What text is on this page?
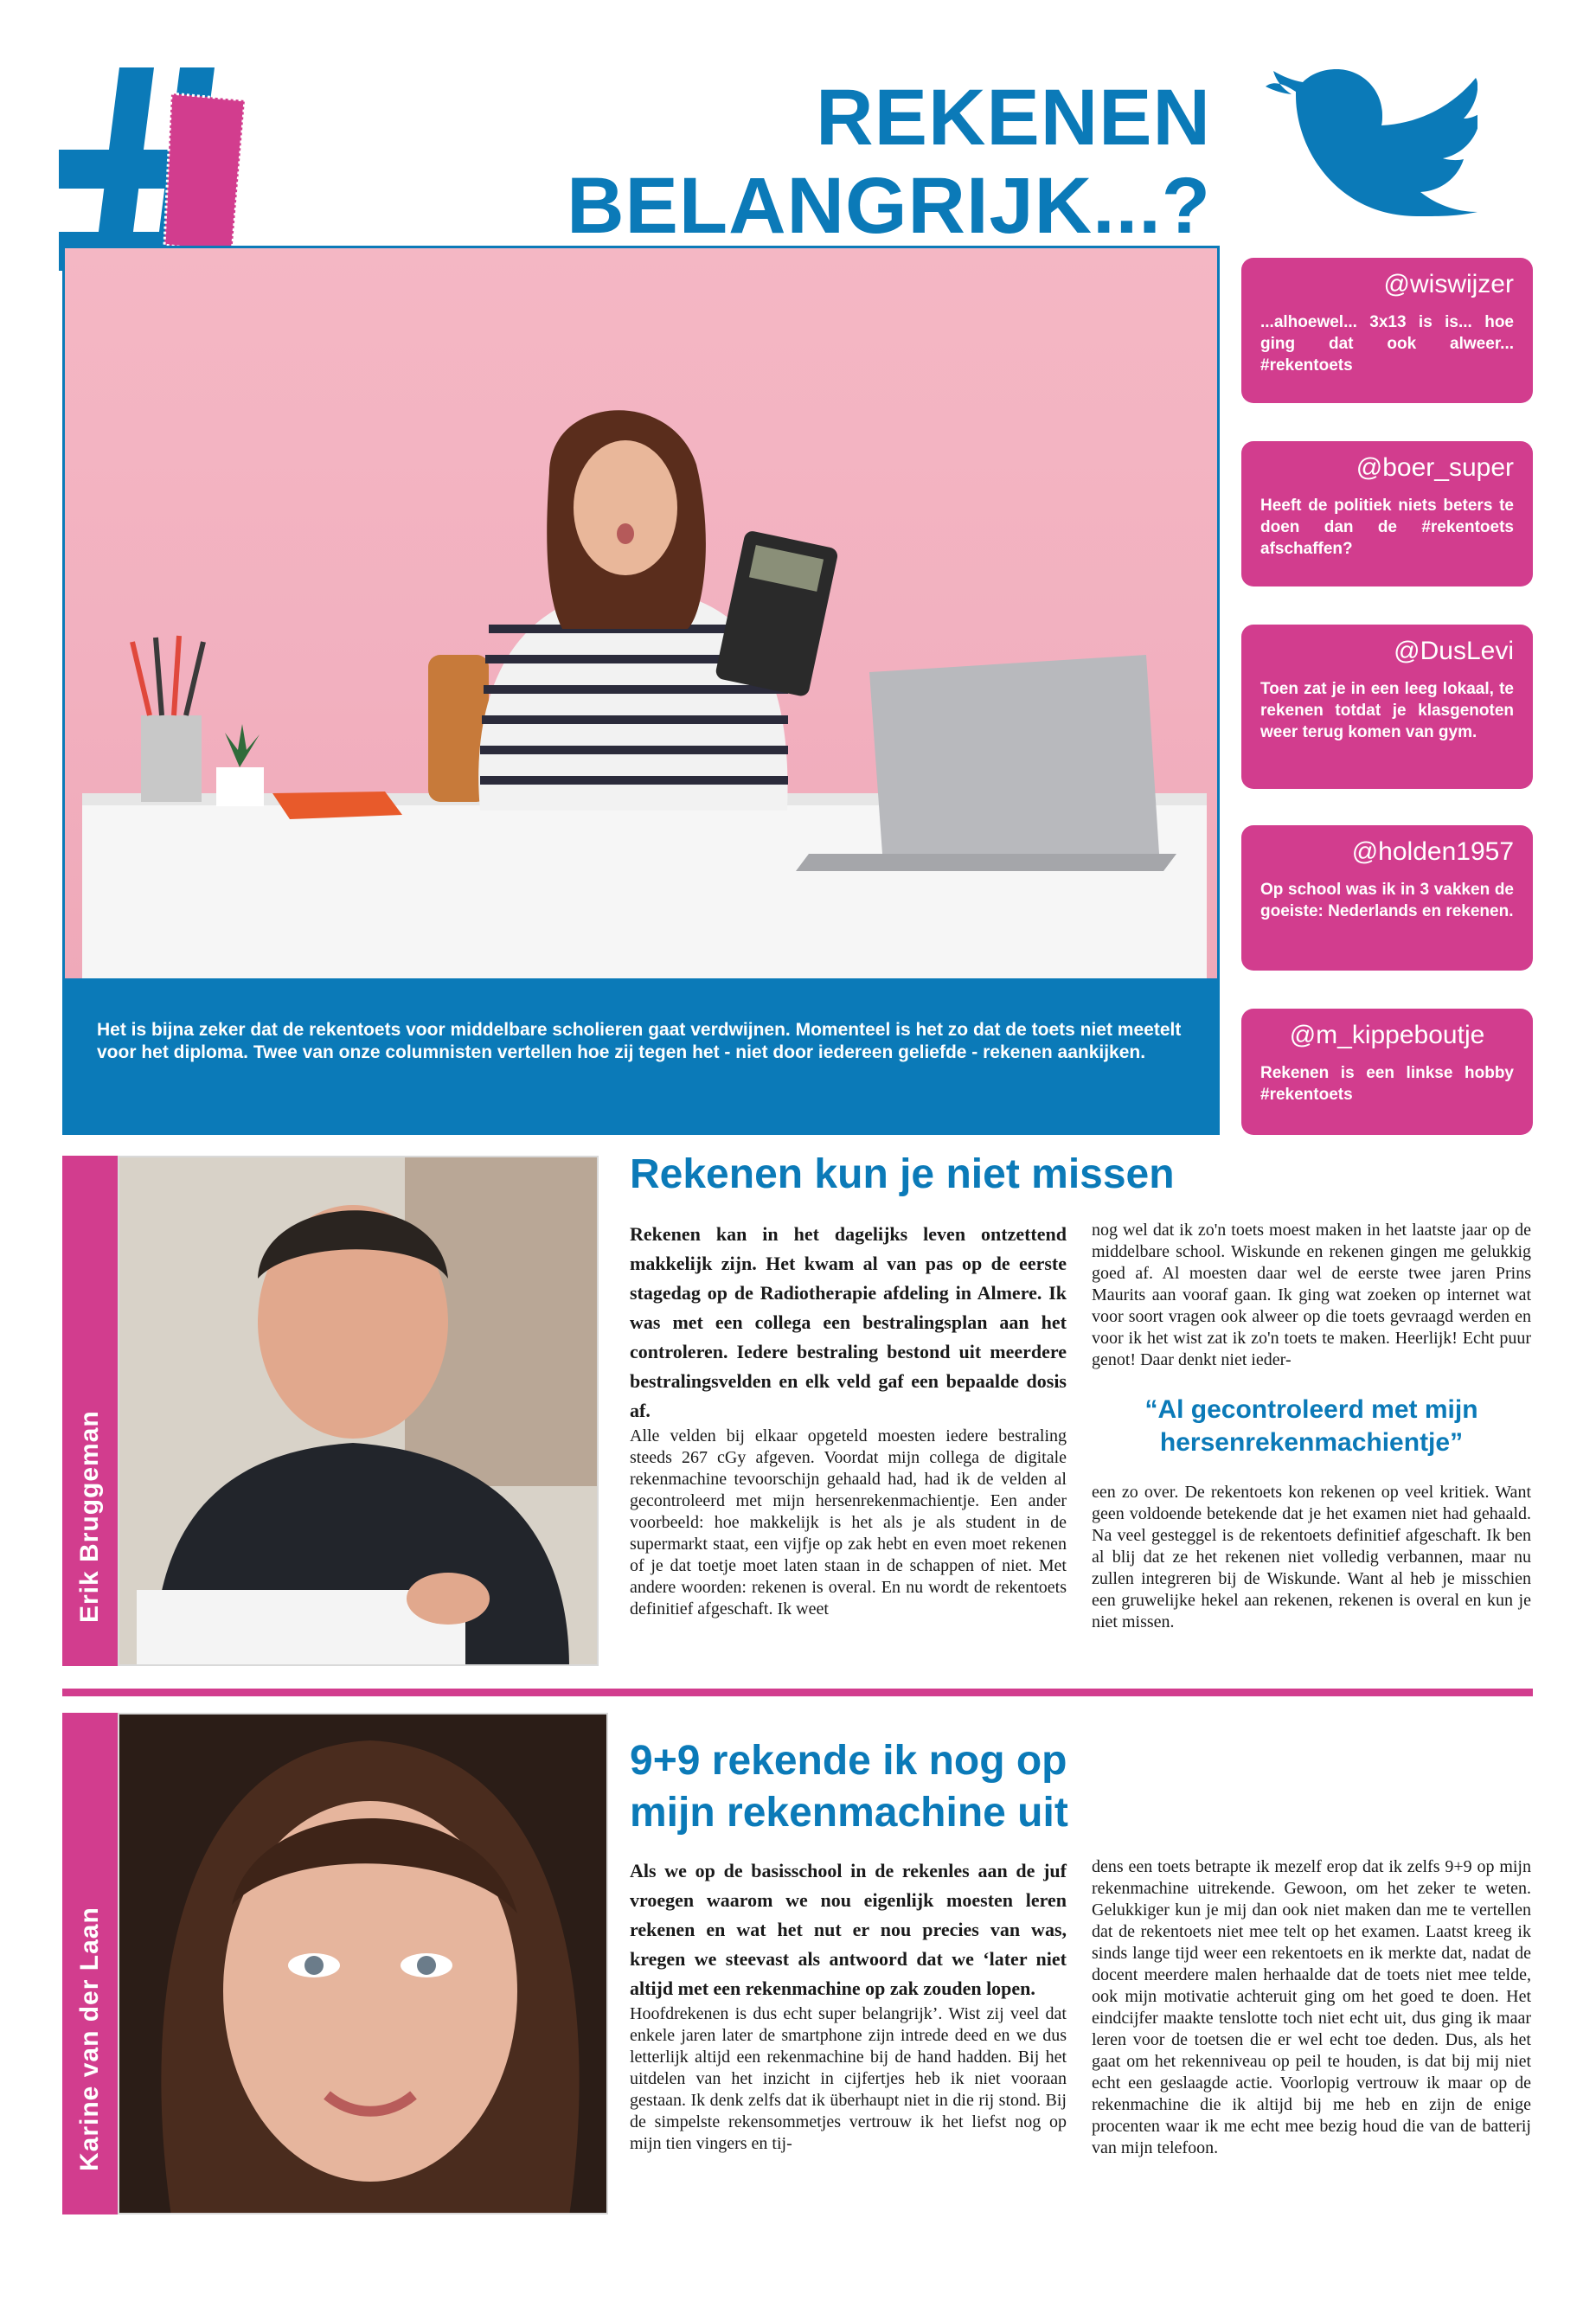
REKENEN
BELANGRIJK...?
Het is bijna zeker dat de rekentoets voor middelbare scholieren gaat verdwijnen. Momenteel is het zo dat de toets niet meetelt voor het diploma. Twee van onze columnisten vertellen hoe zij tegen het - niet door iedereen geliefde - rekenen aankijken.
@wiswijzer
...alhoewel... 3x13 is is... hoe ging dat ook alweer... #rekentoets
@boer_super
Heeft de politiek niets beters te doen dan de #rekentoets afschaffen?
@DusLevi
Toen zat je in een leeg lokaal, te rekenen totdat je klasgenoten weer terug komen van gym.
@holden1957
Op school was ik in 3 vakken de goeiste: Nederlands en rekenen.
@m_kippeboutje
Rekenen is een linkse hobby #rekentoets
Erik Bruggeman
Rekenen kun je niet missen

Rekenen kan in het dagelijks leven ontzettend makkelijk zijn. Het kwam al van pas op de eerste stagedag op de Radiotherapie afdeling in Almere. Ik was met een collega een bestralingsplan aan het controleren. Iedere bestraling bestond uit meerdere bestralingsvelden en elk veld gaf een bepaalde dosis af.

Alle velden bij elkaar opgeteld moesten iedere bestraling steeds 267 cGy afgeven. Voordat mijn collega de digitale rekenmachine tevoorschijn gehaald had, had ik de velden al gecontroleerd met mijn hersenrekenmachientje. Een ander voorbeeld: hoe makkelijk is het als je als student in de supermarkt staat, een vijfje op zak hebt en even moet rekenen of je dat toetje moet laten staan in de schappen of niet. Met andere woorden: rekenen is overal. En nu wordt de rekentoets definitief afgeschaft. Ik weet

nog wel dat ik zo'n toets moest maken in het laatste jaar op de middelbare school. Wiskunde en rekenen gingen me gelukkig goed af. Al moesten daar wel de eerste twee jaren Prins Maurits aan vooraf gaan. Ik ging wat zoeken op internet wat voor soort vragen ook alweer op die toets gevraagd werden en voor ik het wist zat ik zo'n toets te maken. Heerlijk! Echt puur genot! Daar denkt niet ieder-

“Al gecontroleerd met mijn hersenrekenmachientje”

een zo over. De rekentoets kon rekenen op veel kritiek. Want geen voldoende betekende dat je het examen niet had gehaald. Na veel gesteggel is de rekentoets definitief afgeschaft. Ik ben al blij dat ze het rekenen niet volledig verbannen, maar nu zullen integreren bij de Wiskunde. Want al heb je misschien een gruwelijke hekel aan rekenen, rekenen is overal en kun je niet missen.

Karine van der Laan
9+9 rekende ik nog op
mijn rekenmachine uit

Als we op de basisschool in de rekenles aan de juf vroegen waarom we nou eigenlijk moesten leren rekenen en wat het nut er nou precies van was, kregen we steevast als antwoord dat we ‘later niet altijd met een rekenmachine op zak zouden lopen.

Hoofdrekenen is dus echt super belangrijk’. Wist zij veel dat enkele jaren later de smartphone zijn intrede deed en we dus letterlijk altijd een rekenmachine bij de hand hadden. Bij het uitdelen van het inzicht in cijfertjes heb ik niet vooraan gestaan. Ik denk zelfs dat ik überhaupt niet in die rij stond. Bij de simpelste rekensommetjes vertrouw ik het liefst nog op mijn tien vingers en tij-

dens een toets betrapte ik mezelf erop dat ik zelfs 9+9 op mijn rekenmachine uitrekende. Gewoon, om het zeker te weten. Gelukkiger kun je mij dan ook niet maken dan me te vertellen dat de rekentoets niet mee telt op het examen. Laatst kreeg ik sinds lange tijd weer een rekentoets en ik merkte dat, nadat de docent meerdere malen herhaalde dat de toets niet mee telde, ook mijn motivatie achteruit ging om het goed te doen. Het eindcijfer maakte tenslotte toch niet echt uit, dus ging ik maar leren voor de toetsen die er wel echt toe deden. Dus, als het gaat om het rekenniveau op peil te houden, is dat bij mij niet echt een geslaagde actie. Voorlopig vertrouw ik maar op de rekenmachine die ik altijd bij me heb en zijn de enige procenten waar ik me echt mee bezig houd die van de batterij van mijn telefoon.
